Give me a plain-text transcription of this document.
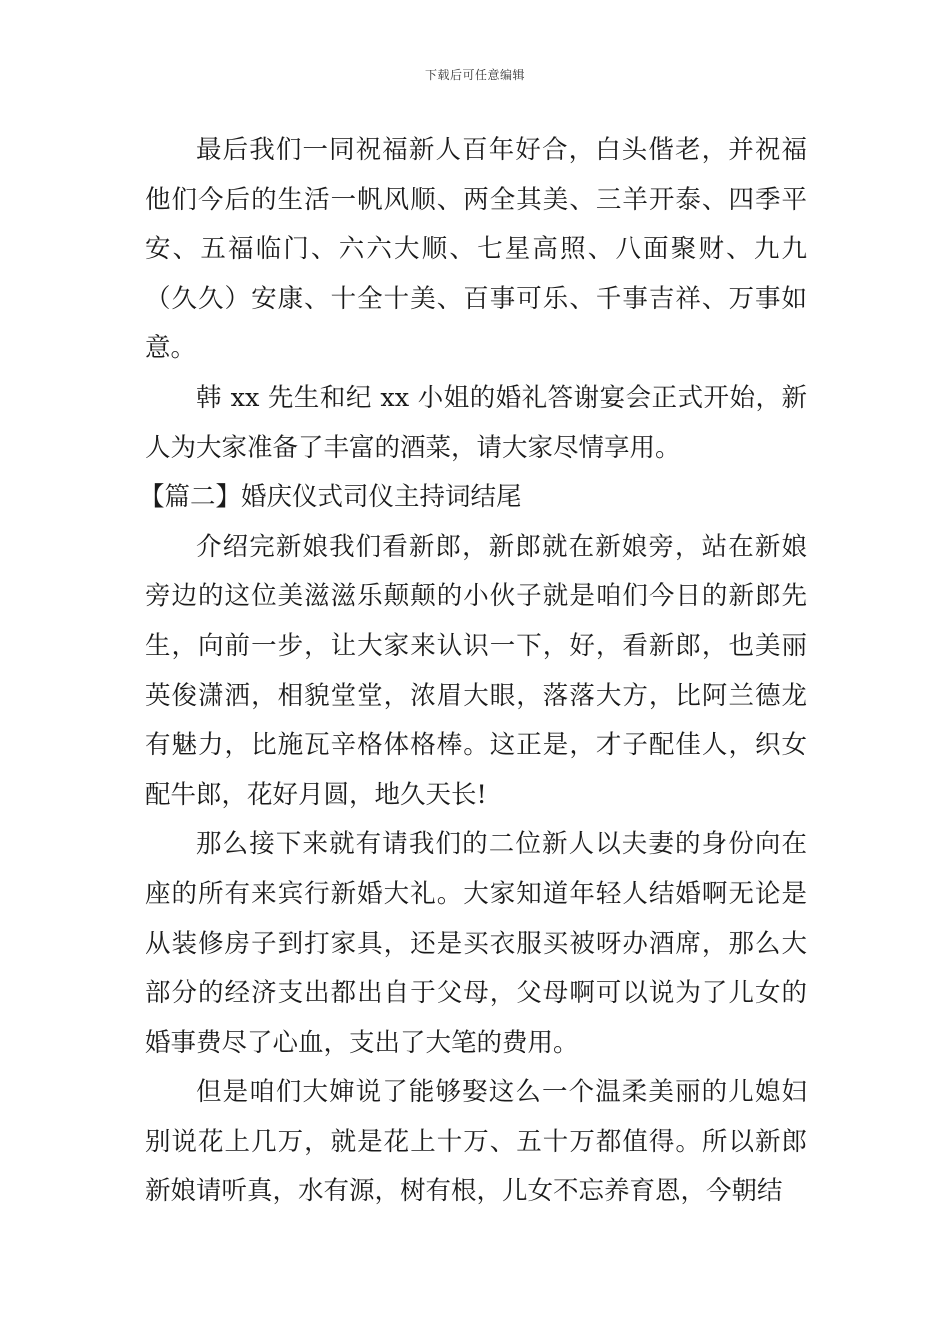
下载后可任意编辑

最后我们一同祝福新人百年好合，白头偕老，并祝福他们今后的生活一帆风顺、两全其美、三羊开泰、四季平安、五福临门、六六大顺、七星高照、八面聚财、九九（久久）安康、十全十美、百事可乐、千事吉祥、万事如意。

韩 xx 先生和纪 xx 小姐的婚礼答谢宴会正式开始，新人为大家准备了丰富的酒菜，请大家尽情享用。

【篇二】婚庆仪式司仪主持词结尾

介绍完新娘我们看新郎，新郎就在新娘旁，站在新娘旁边的这位美滋滋乐颠颠的小伙子就是咱们今日的新郎先生，向前一步，让大家来认识一下，好，看新郎，也美丽英俊潇洒，相貌堂堂，浓眉大眼，落落大方，比阿兰德龙有魅力，比施瓦辛格体格棒。这正是，才子配佳人，织女配牛郎，花好月圆，地久天长!

那么接下来就有请我们的二位新人以夫妻的身份向在座的所有来宾行新婚大礼。大家知道年轻人结婚啊无论是从装修房子到打家具，还是买衣服买被呀办酒席，那么大部分的经济支出都出自于父母，父母啊可以说为了儿女的婚事费尽了心血，支出了大笔的费用。

但是咱们大婶说了能够娶这么一个温柔美丽的儿媳妇别说花上几万，就是花上十万、五十万都值得。所以新郎新娘请听真，水有源，树有根，儿女不忘养育恩，今朝结
